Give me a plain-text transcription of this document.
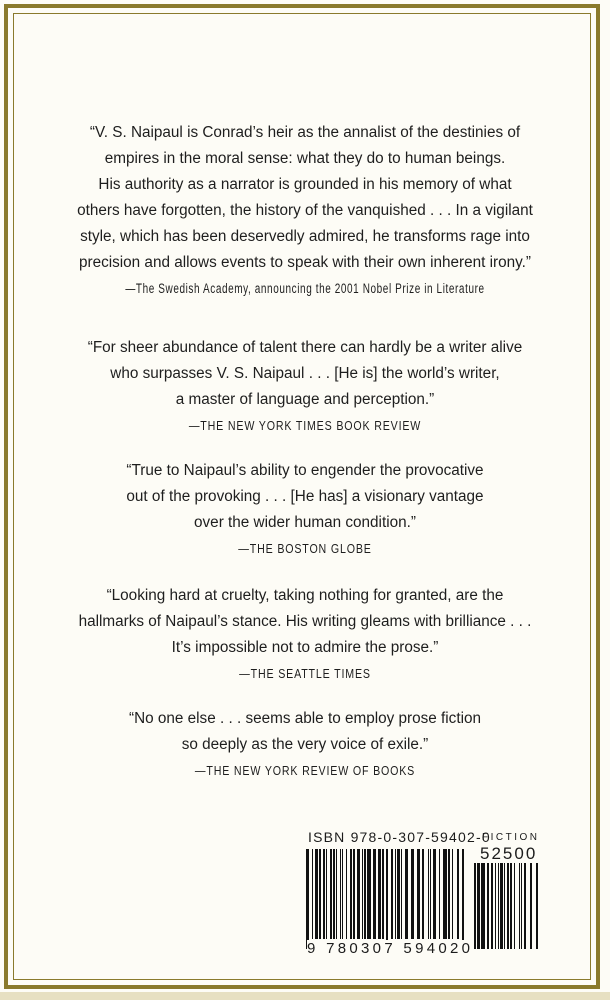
“V. S. Naipaul is Conrad’s heir as the annalist of the destinies of
empires in the moral sense: what they do to human beings.
His authority as a narrator is grounded in his memory of what
others have forgotten, the history of the vanquished . . . In a vigilant
style, which has been deservedly admired, he transforms rage into
precision and allows events to speak with their own inherent irony.”
—The Swedish Academy, announcing the 2001 Nobel Prize in Literature
“For sheer abundance of talent there can hardly be a writer alive
who surpasses V. S. Naipaul . . . [He is] the world’s writer,
a master of language and perception.”
—THE NEW YORK TIMES BOOK REVIEW
“True to Naipaul’s ability to engender the provocative
out of the provoking . . . [He has] a visionary vantage
over the wider human condition.”
—THE BOSTON GLOBE
“Looking hard at cruelty, taking nothing for granted, are the
hallmarks of Naipaul’s stance. His writing gleams with brilliance . . .
It’s impossible not to admire the prose.”
—THE SEATTLE TIMES
“No one else . . . seems able to employ prose fiction
so deeply as the very voice of exile.”
—THE NEW YORK REVIEW OF BOOKS
ISBN 978-0-307-59402-0
FICTION
52500
9 780307 594020
